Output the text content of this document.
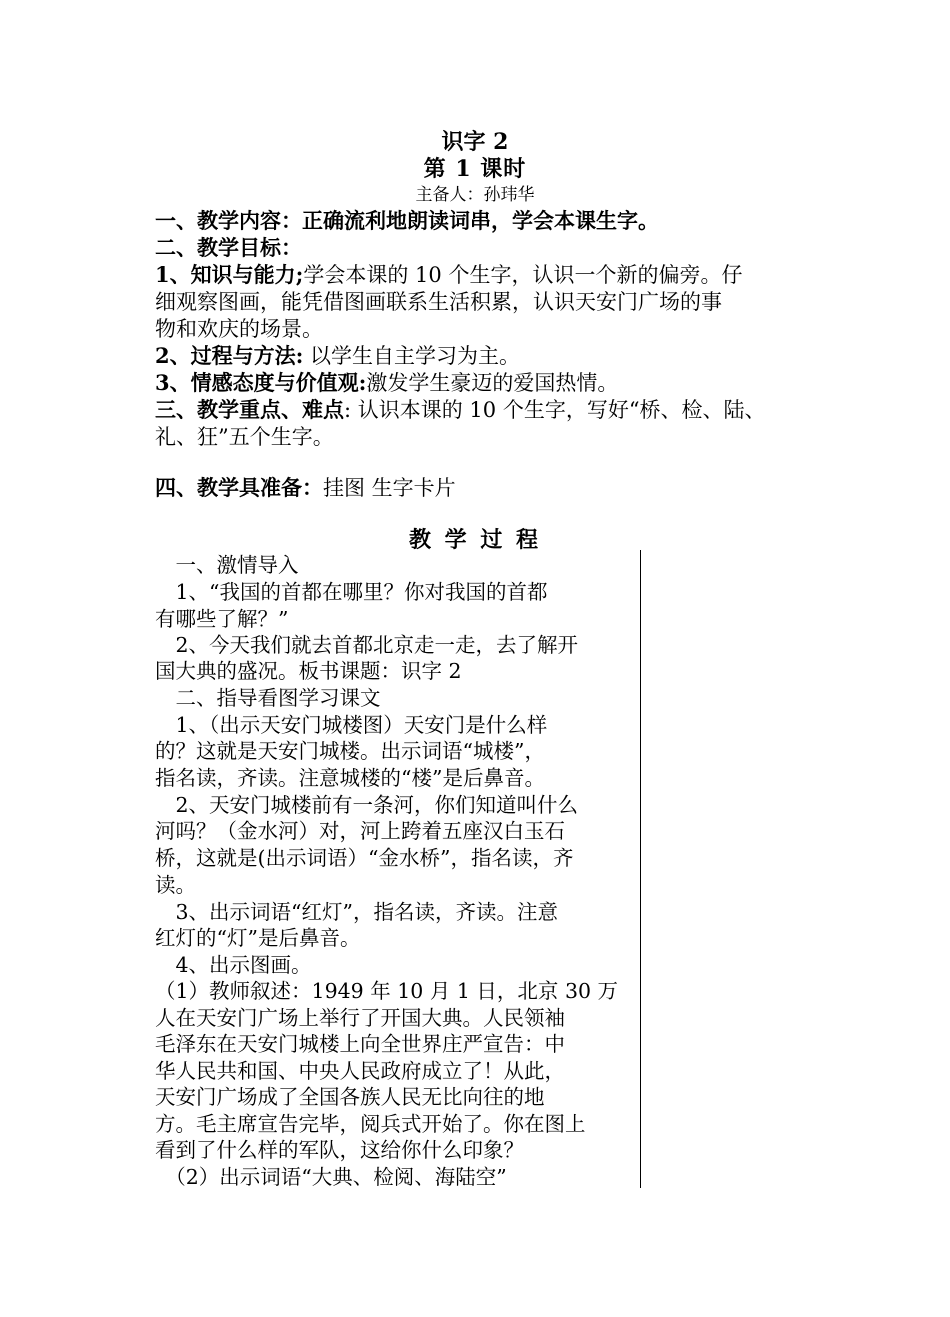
识字 2
第 1 课时
主备人：孙玮华
一、教学内容：正确流利地朗读词串，学会本课生字。
二、教学目标：
1、知识与能力;学会本课的 10 个生字，认识一个新的偏旁。仔
细观察图画，能凭借图画联系生活积累，认识天安门广场的事
物和欢庆的场景。
2、过程与方法: 以学生自主学习为主。
3、情感态度与价值观:激发学生豪迈的爱国热情。
三、教学重点、难点: 认识本课的 10 个生字，写好“桥、检、陆、
礼、狂”五个生字。
四、教学具准备：挂图 生字卡片
教 学 过 程
　一、激情导入
　1、“我国的首都在哪里？你对我国的首都
有哪些了解？”
　2、今天我们就去首都北京走一走，去了解开
国大典的盛况。板书课题：识字 2
　二、指导看图学习课文
　1、（出示天安门城楼图）天安门是什么样
的？这就是天安门城楼。出示词语“城楼”，
指名读，齐读。注意城楼的“楼”是后鼻音。
　2、天安门城楼前有一条河，你们知道叫什么
河吗？（金水河）对，河上跨着五座汉白玉石
桥，这就是(出示词语）“金水桥”，指名读，齐
读。
　3、出示词语“红灯”，指名读，齐读。注意
红灯的“灯”是后鼻音。
　4、出示图画。
（1）教师叙述：1949 年 10 月 1 日，北京 30 万
人在天安门广场上举行了开国大典。人民领袖
毛泽东在天安门城楼上向全世界庄严宣告：中
华人民共和国、中央人民政府成立了！从此，
天安门广场成了全国各族人民无比向往的地
方。毛主席宣告完毕，阅兵式开始了。你在图上
看到了什么样的军队，这给你什么印象？
　（2）出示词语“大典、检阅、海陆空”
